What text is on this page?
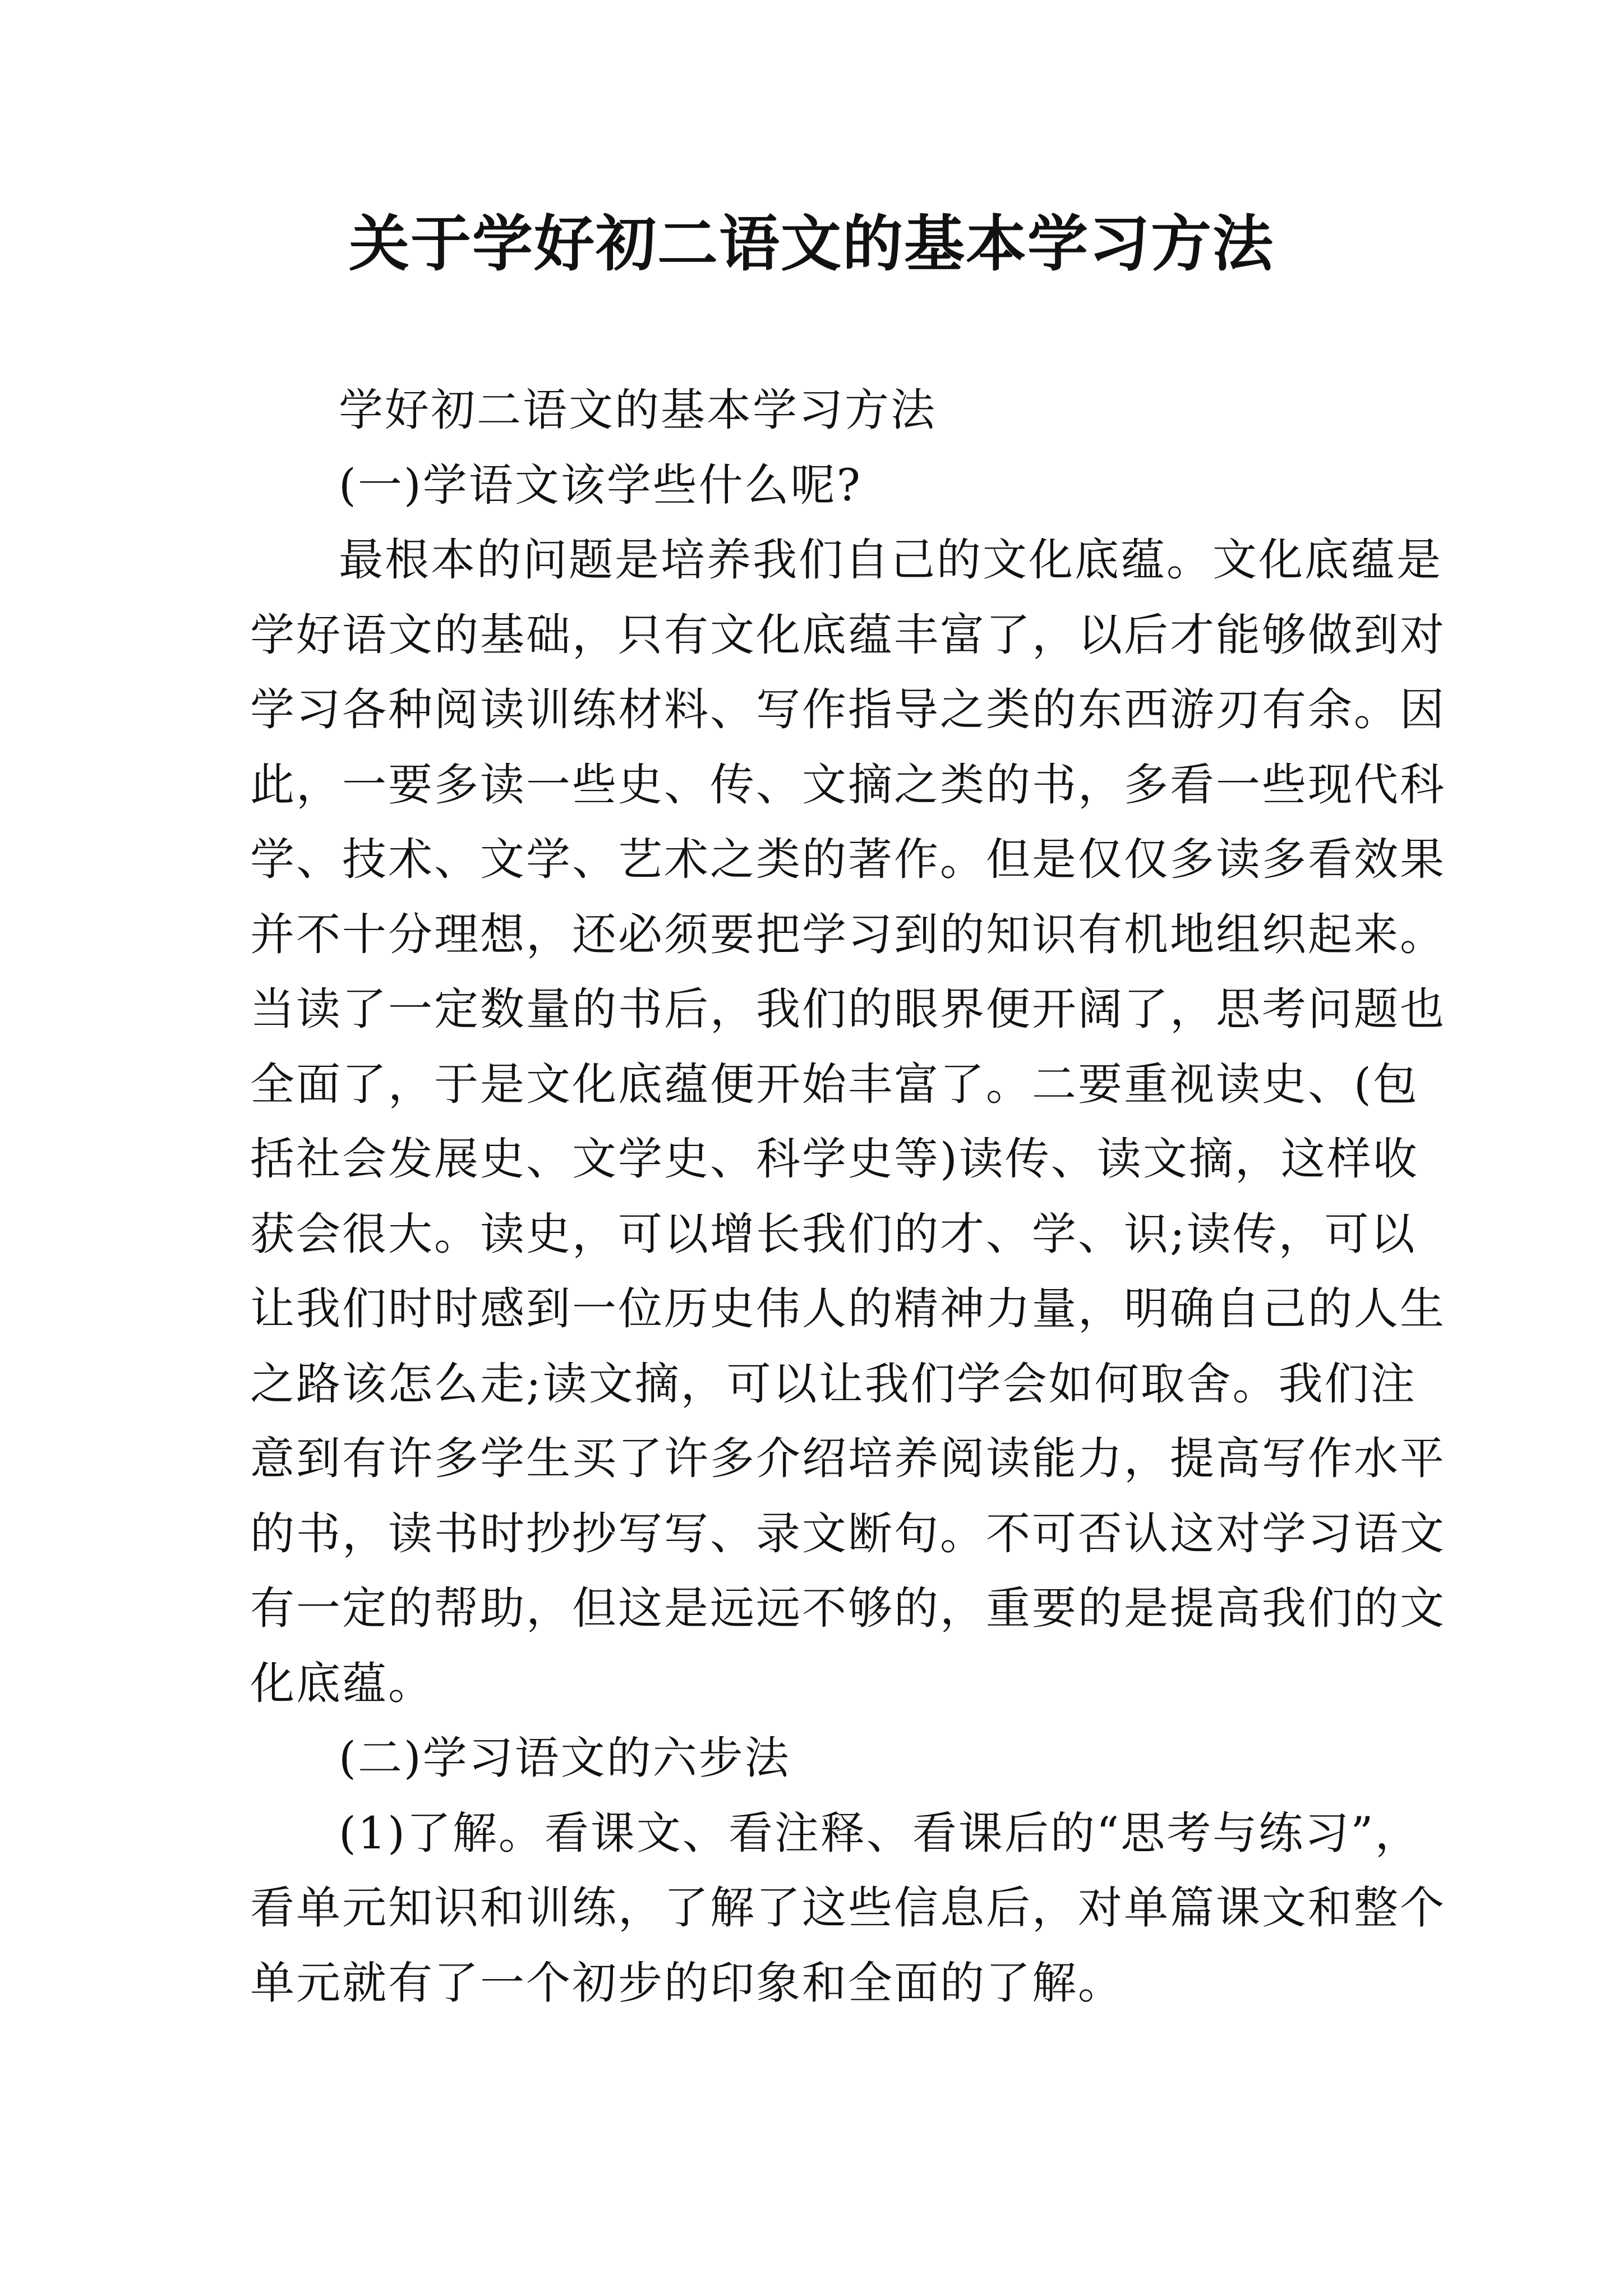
关于学好初二语文的基本学习方法
学好初二语文的基本学习方法
(一)学语文该学些什么呢?
最根本的问题是培养我们自己的文化底蕴。文化底蕴是
学好语文的基础，只有文化底蕴丰富了，以后才能够做到对
学习各种阅读训练材料、写作指导之类的东西游刃有余。因
此，一要多读一些史、传、文摘之类的书，多看一些现代科
学、技术、文学、艺术之类的著作。但是仅仅多读多看效果
并不十分理想，还必须要把学习到的知识有机地组织起来。
当读了一定数量的书后，我们的眼界便开阔了，思考问题也
全面了，于是文化底蕴便开始丰富了。二要重视读史、(包
括社会发展史、文学史、科学史等)读传、读文摘，这样收
获会很大。读史，可以增长我们的才、学、识;读传，可以
让我们时时感到一位历史伟人的精神力量，明确自己的人生
之路该怎么走;读文摘，可以让我们学会如何取舍。我们注
意到有许多学生买了许多介绍培养阅读能力，提高写作水平
的书，读书时抄抄写写、录文断句。不可否认这对学习语文
有一定的帮助，但这是远远不够的，重要的是提高我们的文
化底蕴。
(二)学习语文的六步法
(1)了解。看课文、看注释、看课后的“思考与练习”，
看单元知识和训练，了解了这些信息后，对单篇课文和整个
单元就有了一个初步的印象和全面的了解。
